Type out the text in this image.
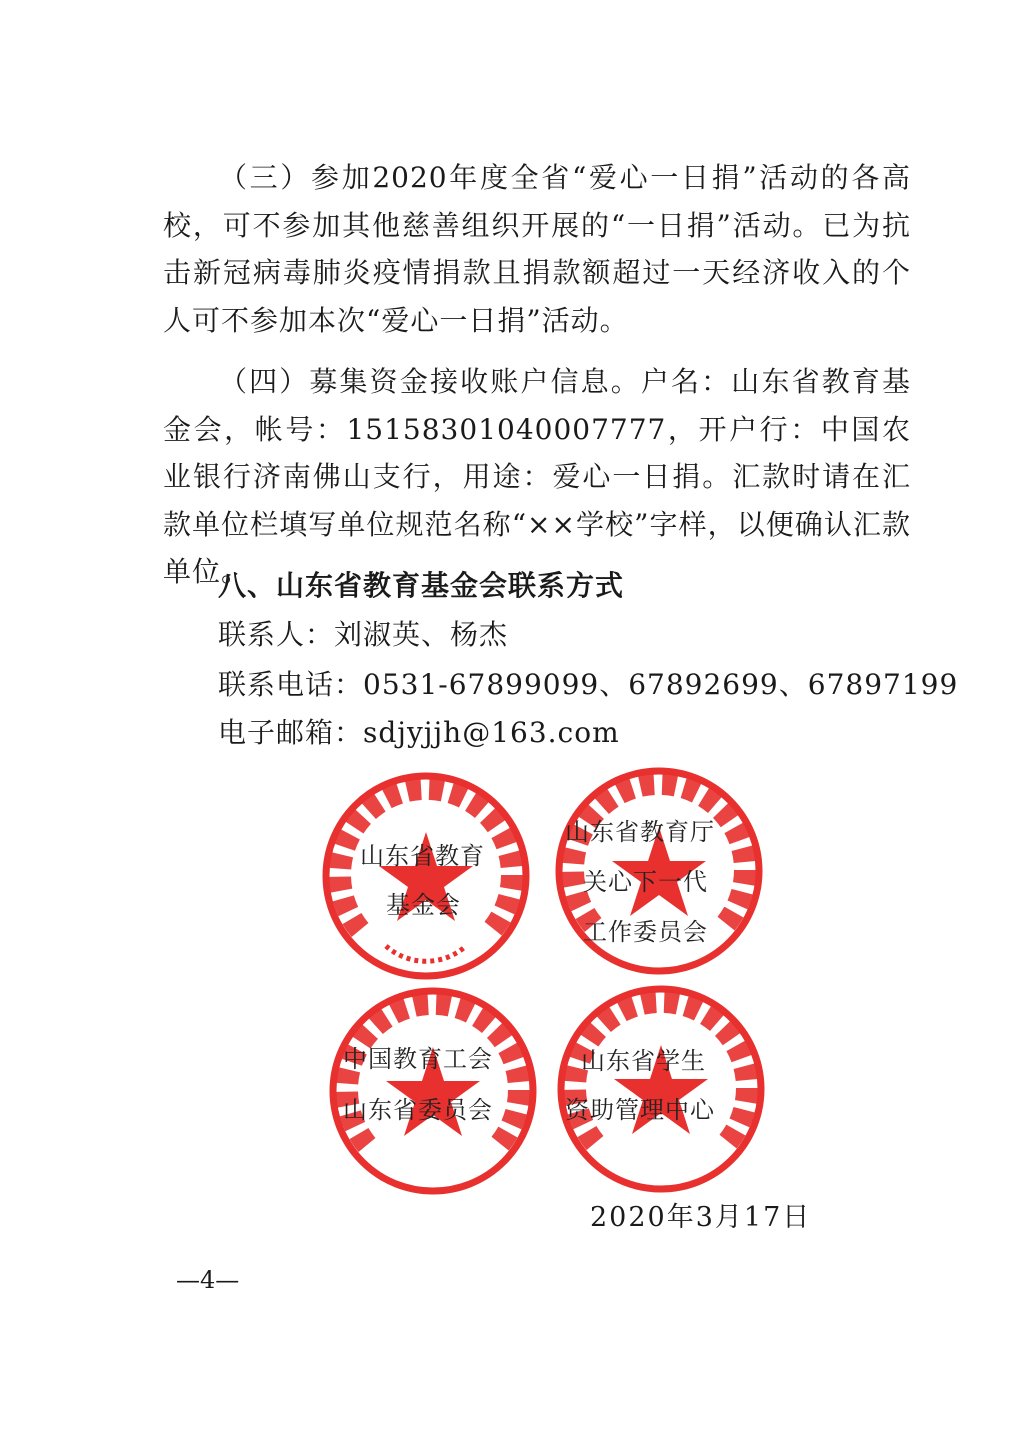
（三）参加2020年度全省“爱心一日捐”活动的各高校，可不参加其他慈善组织开展的“一日捐”活动。已为抗击新冠病毒肺炎疫情捐款且捐款额超过一天经济收入的个人可不参加本次“爱心一日捐”活动。
（四）募集资金接收账户信息。户名：山东省教育基金会，帐号：15158301040007777，开户行：中国农业银行济南佛山支行，用途：爱心一日捐。汇款时请在汇款单位栏填写单位规范名称“××学校”字样，以便确认汇款单位。
八、山东省教育基金会联系方式
联系人：刘淑英、杨杰
联系电话：0531-67899099、67892699、67897199
电子邮箱：sdjyjjh@163.com
山东省教育
基金会
山东省教育厅
关心下一代
工作委员会
中国教育工会
山东省委员会
山东省学生
资助管理中心
2020年3月17日
—4—
